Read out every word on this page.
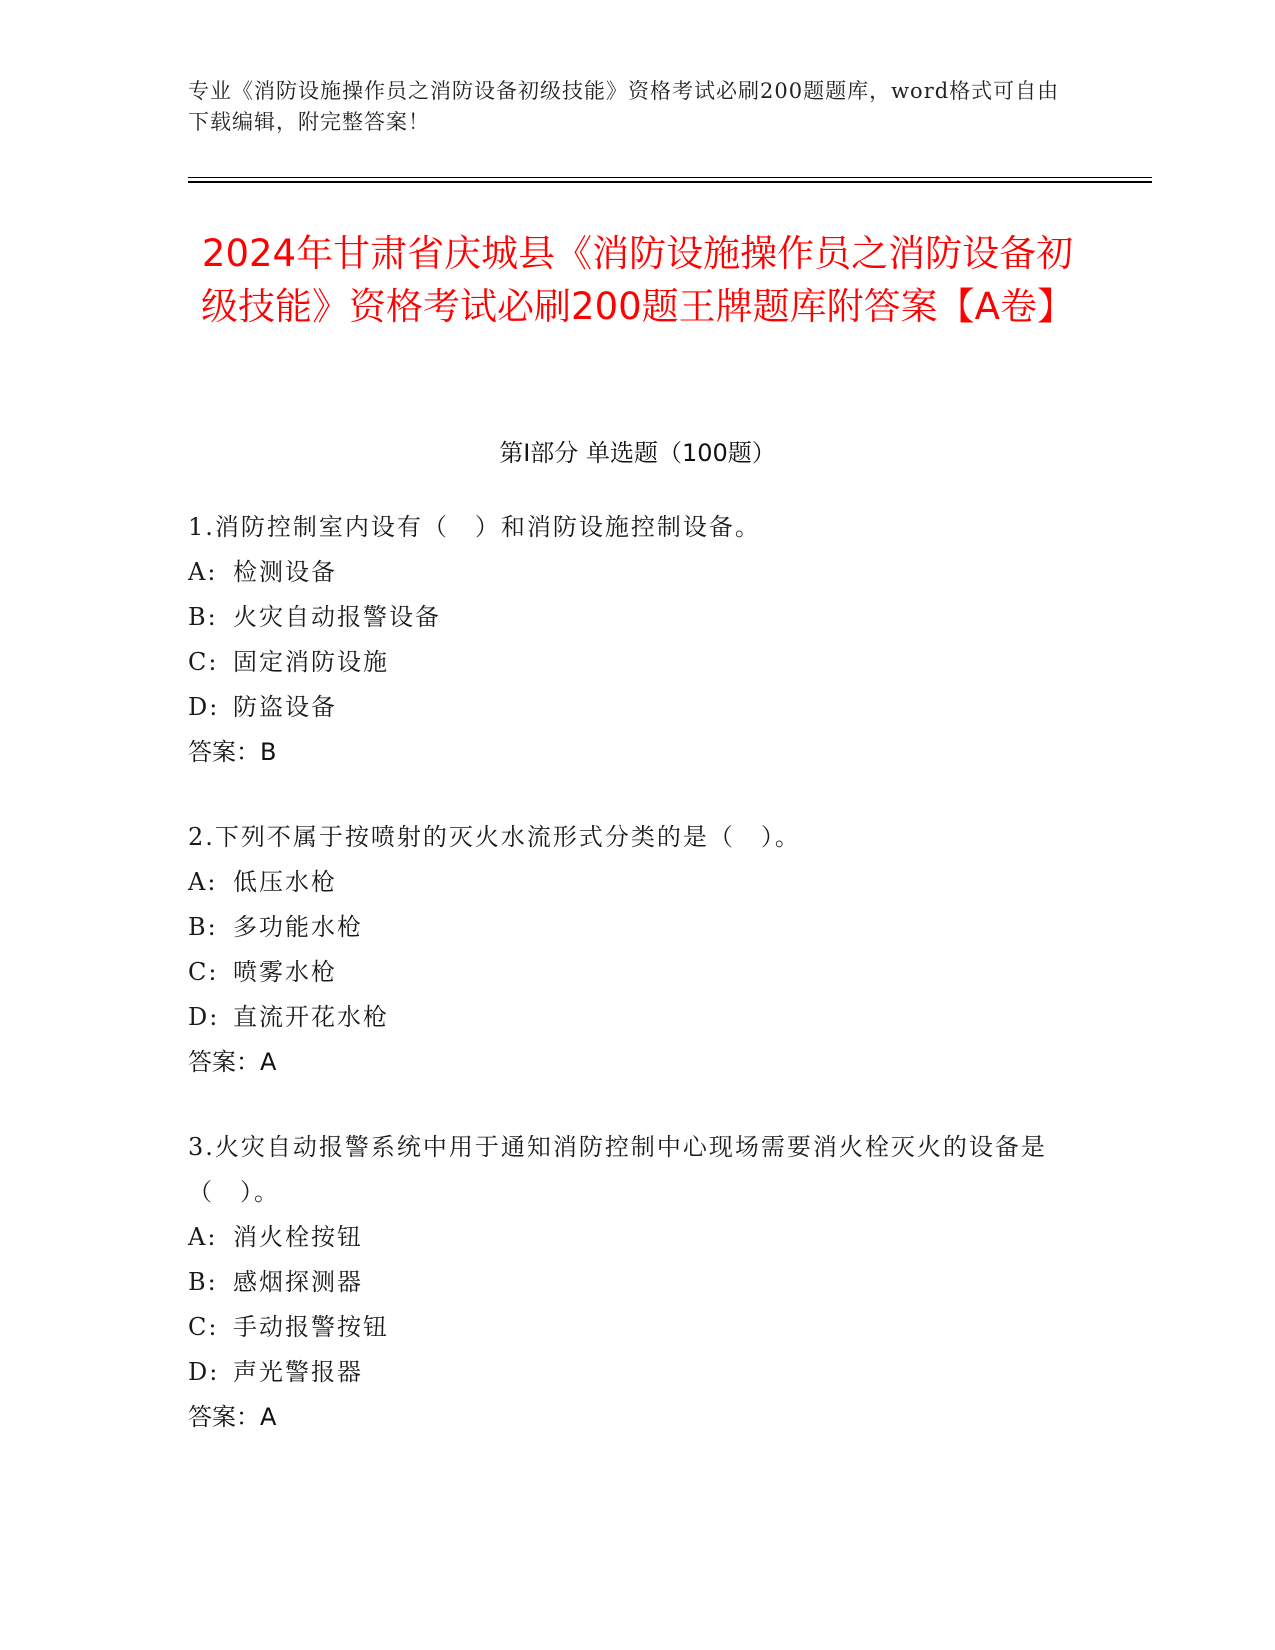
专业《消防设施操作员之消防设备初级技能》资格考试必刷200题题库，word格式可自由下载编辑，附完整答案！
2024年甘肃省庆城县《消防设施操作员之消防设备初级技能》资格考试必刷200题王牌题库附答案【A卷】
第Ⅰ部分 单选题（100题）
1.消防控制室内设有（　）和消防设施控制设备。
A: 检测设备
B: 火灾自动报警设备
C: 固定消防设施
D: 防盗设备
答案：B
2.下列不属于按喷射的灭火水流形式分类的是（　）。
A: 低压水枪
B: 多功能水枪
C: 喷雾水枪
D: 直流开花水枪
答案：A
3.火灾自动报警系统中用于通知消防控制中心现场需要消火栓灭火的设备是（　）。
A: 消火栓按钮
B: 感烟探测器
C: 手动报警按钮
D: 声光警报器
答案：A
